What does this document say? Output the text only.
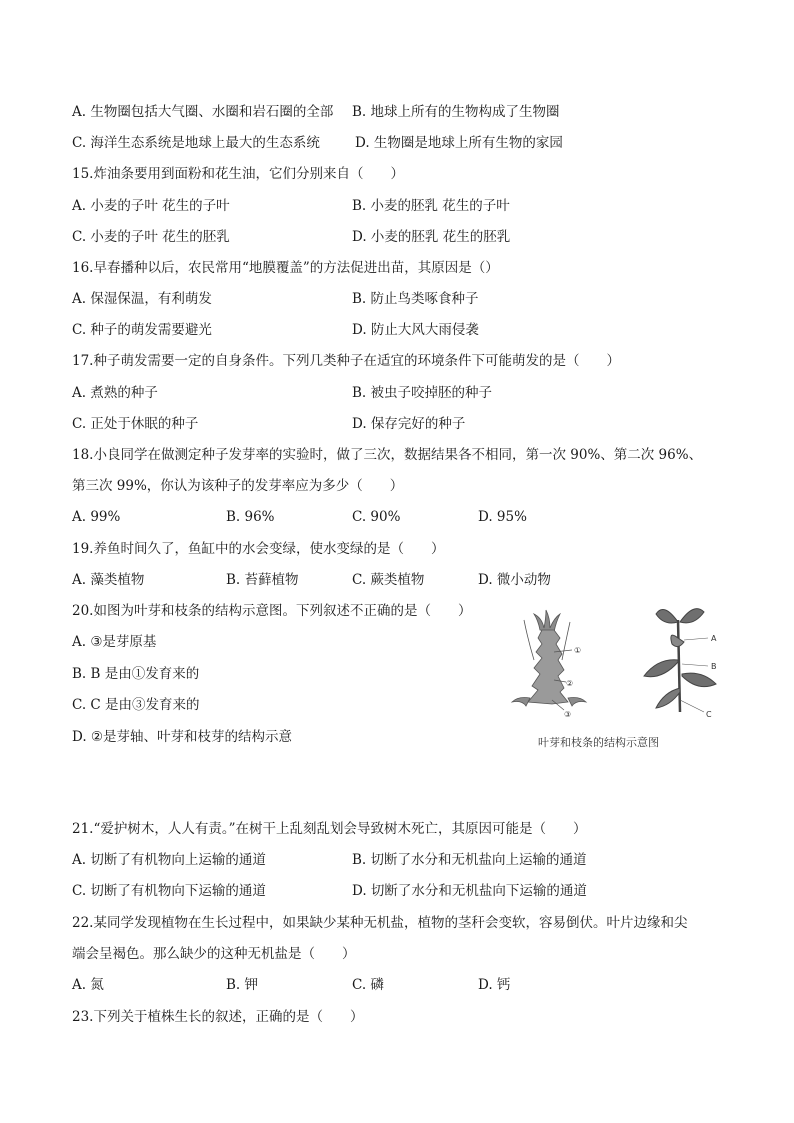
A. 生物圈包括大气圈、水圈和岩石圈的全部 B. 地球上所有的生物构成了生物圈
C. 海洋生态系统是地球上最大的生态系统	D. 生物圈是地球上所有生物的家园
15.炸油条要用到面粉和花生油，它们分别来自（　　）
A. 小麦的子叶 花生的子叶	B. 小麦的胚乳 花生的子叶
C. 小麦的子叶 花生的胚乳	D. 小麦的胚乳 花生的胚乳
16.早春播种以后，农民常用“地膜覆盖”的方法促进出苗，其原因是（）
A. 保湿保温，有利萌发	B. 防止鸟类啄食种子
C. 种子的萌发需要避光	D. 防止大风大雨侵袭
17.种子萌发需要一定的自身条件。下列几类种子在适宜的环境条件下可能萌发的是（　　）
A. 煮熟的种子	B. 被虫子咬掉胚的种子
C. 正处于休眠的种子	D. 保存完好的种子
18.小良同学在做测定种子发芽率的实验时，做了三次，数据结果各不相同，第一次 90%、第二次 96%、
第三次 99%，你认为该种子的发芽率应为多少（　　）
A. 99%	B. 96%	C. 90%	D. 95%
19.养鱼时间久了，鱼缸中的水会变绿，使水变绿的是（　　）
A. 藻类植物	B. 苔藓植物	C. 蕨类植物	D. 微小动物
20.如图为叶芽和枝条的结构示意图。下列叙述不正确的是（　　）
A. ③是芽原基
B. B 是由①发育来的
C. C 是由③发育来的
D. ②是芽轴、叶芽和枝芽的结构示意
①
②
③
A
B
C
叶芽和枝条的结构示意图
21.“爱护树木，人人有责。”在树干上乱刻乱划会导致树木死亡，其原因可能是（　　）
A. 切断了有机物向上运输的通道	B. 切断了水分和无机盐向上运输的通道
C. 切断了有机物向下运输的通道	D. 切断了水分和无机盐向下运输的通道
22.某同学发现植物在生长过程中，如果缺少某种无机盐，植物的茎秆会变软，容易倒伏。叶片边缘和尖
端会呈褐色。那么缺少的这种无机盐是（　　）
A. 氮	B. 钾	C. 磷	D. 钙
23.下列关于植株生长的叙述，正确的是（　　）
